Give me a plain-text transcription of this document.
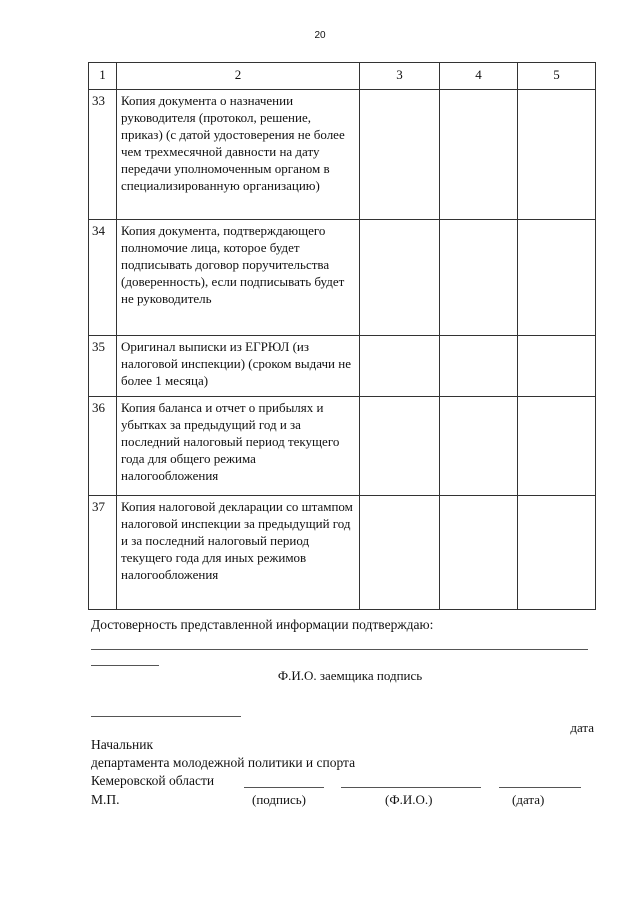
20
1	2	3	4	5
33	Копия документа о назначении руководителя (протокол, решение, приказ) (с датой удостоверения не более чем трехмесячной давности на дату передачи уполномоченным органом в специализированную организацию)			
34	Копия документа, подтверждающего полномочие лица, которое будет подписывать договор поручительства (доверенность), если подписывать будет не руководитель			
35	Оригинал выписки из ЕГРЮЛ (из налоговой инспекции) (сроком выдачи не более 1 месяца)			
36	Копия баланса и отчет о прибылях и убытках за предыдущий год и за последний налоговый период текущего года для общего режима налогообложения			
37	Копия налоговой декларации со штампом налоговой инспекции за предыдущий год и за последний налоговый период текущего года для иных режимов налогообложения			
Достоверность представленной информации подтверждаю:
Ф.И.О. заемщика подпись
дата
Начальник
департамента молодежной политики и спорта
Кемеровской области
М.П.	(подпись)	(Ф.И.О.)	(дата)
